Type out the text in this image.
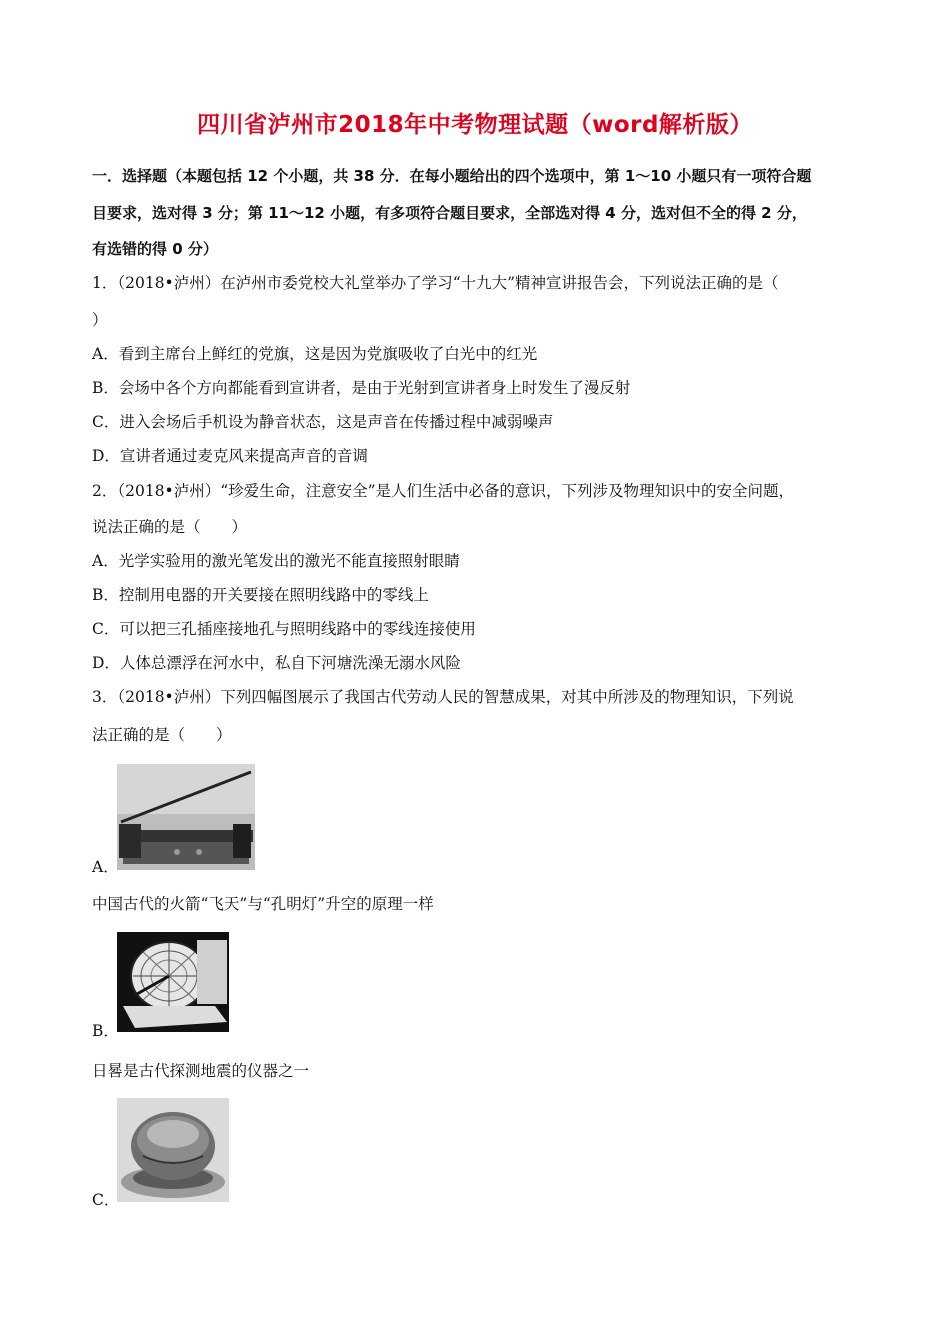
四川省泸州市2018年中考物理试题（word解析版）
一．选择题（本题包括 12 个小题，共 38 分．在每小题给出的四个选项中，第 1～10 小题只有一项符合题
目要求，选对得 3 分；第 11～12 小题，有多项符合题目要求，全部选对得 4 分，选对但不全的得 2 分，
有选错的得 0 分）
1．（2018•泸州）在泸州市委党校大礼堂举办了学习“十九大”精神宣讲报告会，下列说法正确的是（
）
A．看到主席台上鲜红的党旗，这是因为党旗吸收了白光中的红光
B．会场中各个方向都能看到宣讲者，是由于光射到宣讲者身上时发生了漫反射
C．进入会场后手机设为静音状态，这是声音在传播过程中减弱噪声
D．宣讲者通过麦克风来提高声音的音调
2．（2018•泸州）“珍爱生命，注意安全”是人们生活中必备的意识，下列涉及物理知识中的安全问题，
说法正确的是（　　）
A．光学实验用的激光笔发出的激光不能直接照射眼睛
B．控制用电器的开关要接在照明线路中的零线上
C．可以把三孔插座接地孔与照明线路中的零线连接使用
D．人体总漂浮在河水中，私自下河塘洗澡无溺水风险
3．（2018•泸州）下列四幅图展示了我国古代劳动人民的智慧成果，对其中所涉及的物理知识，下列说
法正确的是（　　）
A．
中国古代的火箭“飞天”与“孔明灯”升空的原理一样
B．
日晷是古代探测地震的仪器之一
C．
